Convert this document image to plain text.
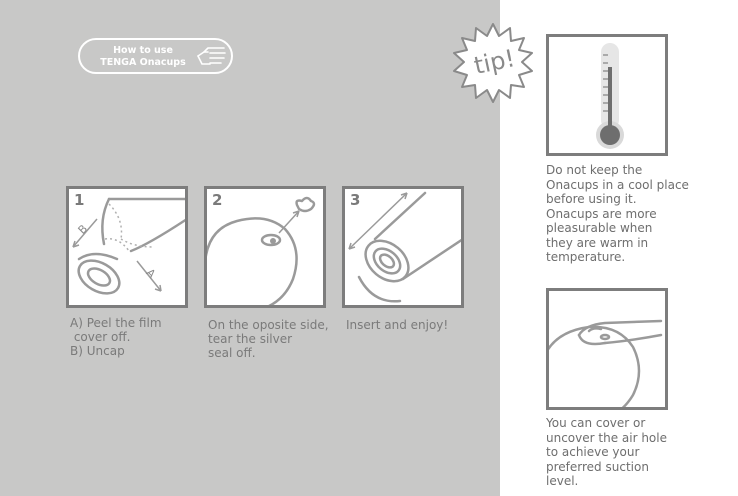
How to use
TENGA Onacups
1
B
A
A) Peel the film
cover off.
B) Uncap
2
On the oposite side,
tear the silver
seal off.
3
Insert and enjoy!
tip!
Do not keep the
Onacups in a cool place
before using it.
Onacups are more
pleasurable when
they are warm in
temperature.
You can cover or
uncover the air hole
to achieve your
preferred suction
level.
